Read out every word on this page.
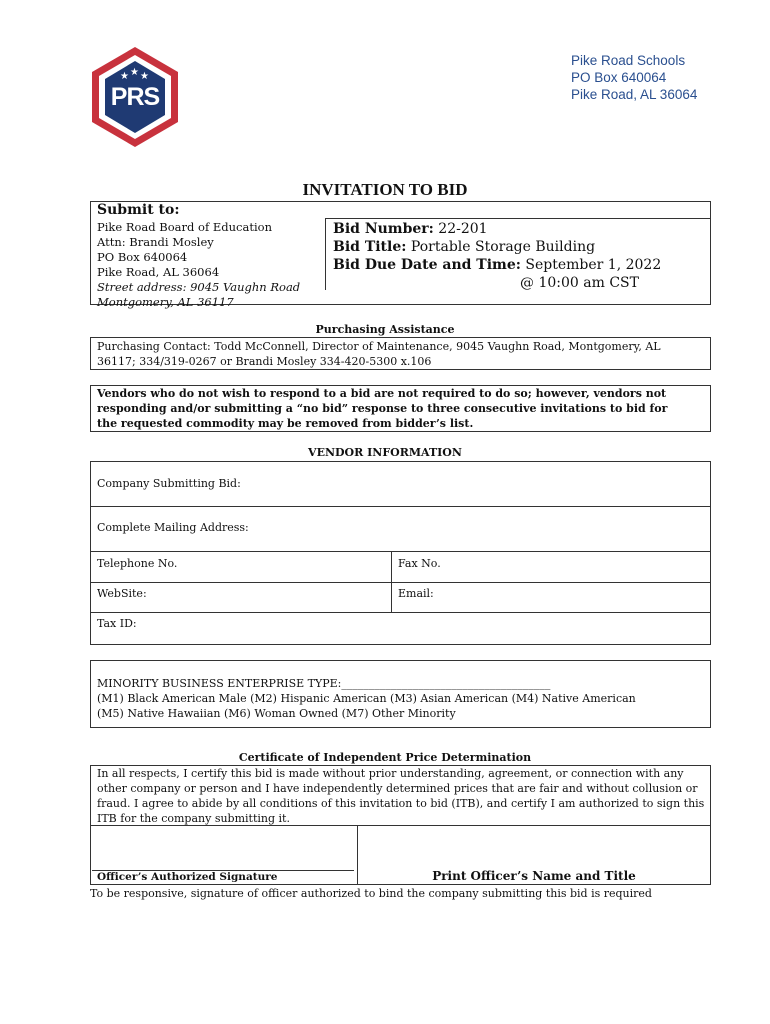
★ ★ ★
PRS
Pike Road Schools
PO Box 640064
Pike Road, AL 36064
INVITATION TO BID
Submit to:
Pike Road Board of Education
Attn: Brandi Mosley
PO Box 640064
Pike Road, AL 36064
Street address: 9045 Vaughn Road
Montgomery, AL 36117
Bid Number: 22-201
Bid Title: Portable Storage Building
Bid Due Date and Time: September 1, 2022
@ 10:00 am CST
Purchasing Assistance
Purchasing Contact: Todd McConnell, Director of Maintenance, 9045 Vaughn Road, Montgomery, AL
36117; 334/319-0267 or Brandi Mosley 334-420-5300 x.106
Vendors who do not wish to respond to a bid are not required to do so; however, vendors not
responding and/or submitting a “no bid” response to three consecutive invitations to bid for
the requested commodity may be removed from bidder’s list.
VENDOR INFORMATION
Company Submitting Bid:
Complete Mailing Address:
Telephone No.	Fax No.
WebSite:	Email:
Tax ID:
MINORITY BUSINESS ENTERPRISE TYPE:______________________________________
(M1) Black American Male (M2) Hispanic American (M3) Asian American (M4) Native American
(M5) Native Hawaiian (M6) Woman Owned (M7) Other Minority
Certificate of Independent Price Determination
In all respects, I certify this bid is made without prior understanding, agreement, or connection with any
other company or person and I have independently determined prices that are fair and without collusion or
fraud. I agree to abide by all conditions of this invitation to bid (ITB), and certify I am authorized to sign this
ITB for the company submitting it.
Officer’s Authorized Signature	Print Officer’s Name and Title
To be responsive, signature of officer authorized to bind the company submitting this bid is required
